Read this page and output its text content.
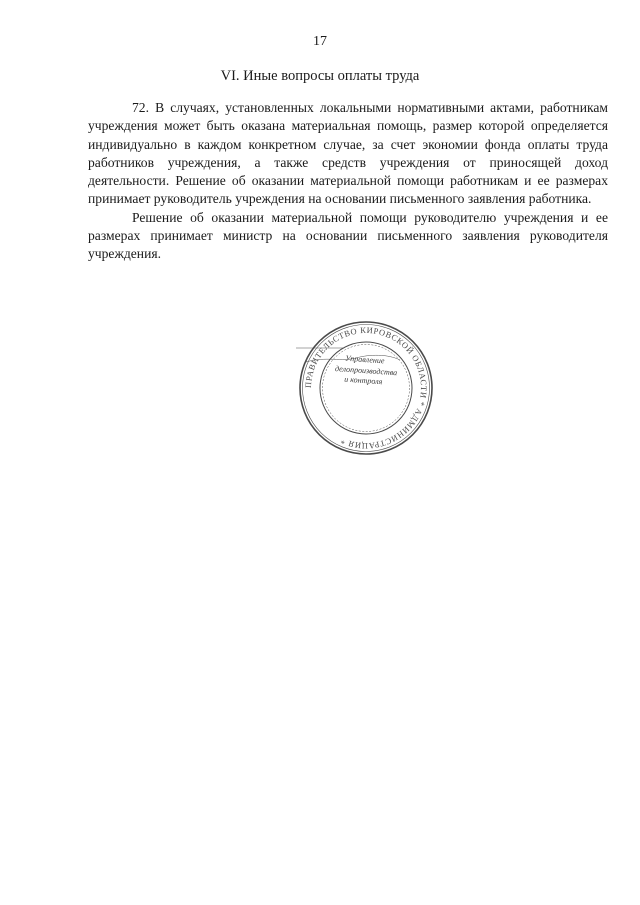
17
VI. Иные вопросы оплаты труда

72. В случаях, установленных локальными нормативными актами, работникам учреждения может быть оказана материальная помощь, размер которой определяется индивидуально в каждом конкретном случае, за счет экономии фонда оплаты труда работников учреждения, а также средств учреждения от приносящей доход деятельности. Решение об оказании материальной помощи работникам и ее размерах принимает руководитель учреждения на основании письменного заявления работника.

Решение об оказании материальной помощи руководителю учреждения и ее размерах принимает министр на основании письменного заявления руководителя учреждения.

ПРАВИТЕЛЬСТВО КИРОВСКОЙ ОБЛАСТИ * АДМИНИСТРАЦИЯ *
Управление
делопроизводства
и контроля
